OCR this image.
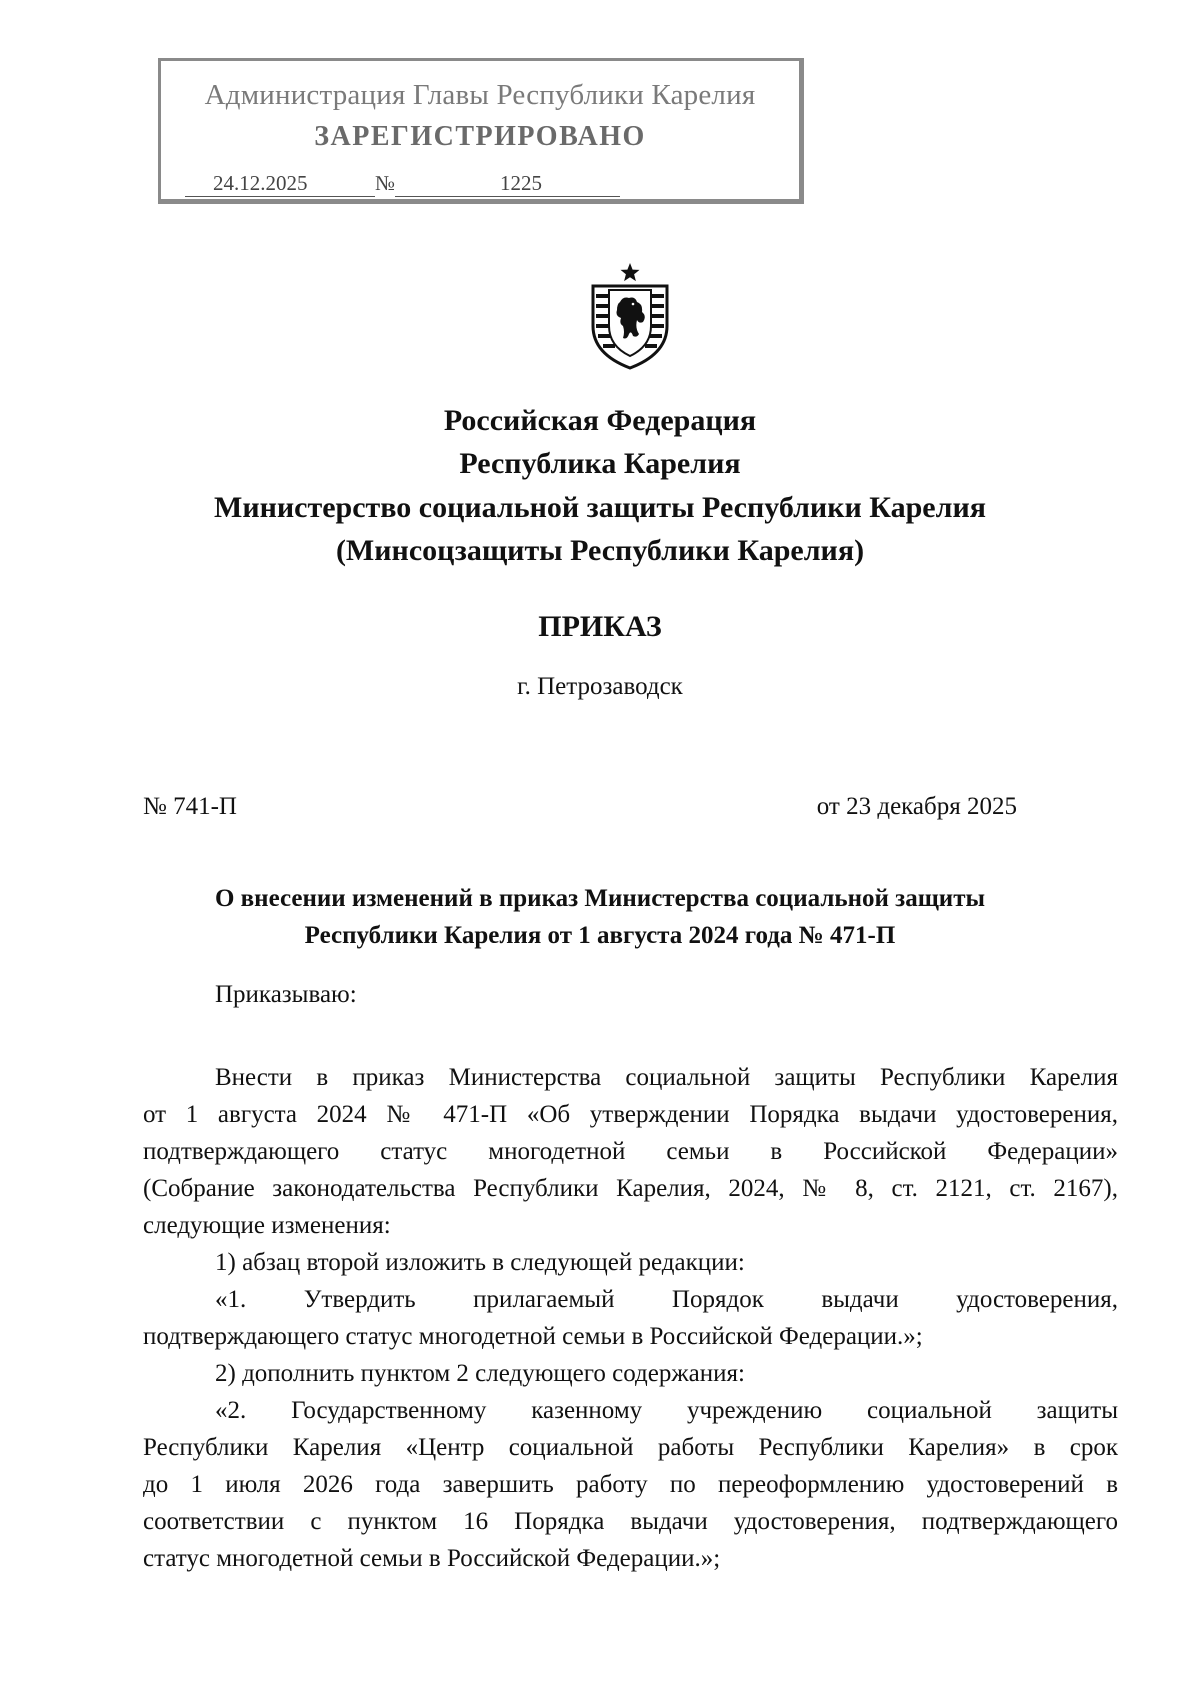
Администрация Главы Республики Карелия
ЗАРЕГИСТРИРОВАНО
24.12.2025	№	1225
Российская Федерация
Республика Карелия
Министерство социальной защиты Республики Карелия
(Минсоцзащиты Республики Карелия)
ПРИКАЗ
г. Петрозаводск
№ 741-П	от 23 декабря 2025
О внесении изменений в приказ Министерства социальной защиты
Республики Карелия от 1 августа 2024 года № 471-П
Приказываю:
Внести в приказ Министерства социальной защиты Республики Карелия
от 1 августа 2024 № 471-П «Об утверждении Порядка выдачи удостоверения,
подтверждающего статус многодетной семьи в Российской Федерации»
(Собрание законодательства Республики Карелия, 2024, № 8, ст. 2121, ст. 2167),
следующие изменения:
1) абзац второй изложить в следующей редакции:
«1. Утвердить прилагаемый Порядок выдачи удостоверения,
подтверждающего статус многодетной семьи в Российской Федерации.»;
2) дополнить пунктом 2 следующего содержания:
«2. Государственному казенному учреждению социальной защиты
Республики Карелия «Центр социальной работы Республики Карелия» в срок
до 1 июля 2026 года завершить работу по переоформлению удостоверений в
соответствии с пунктом 16 Порядка выдачи удостоверения, подтверждающего
статус многодетной семьи в Российской Федерации.»;
